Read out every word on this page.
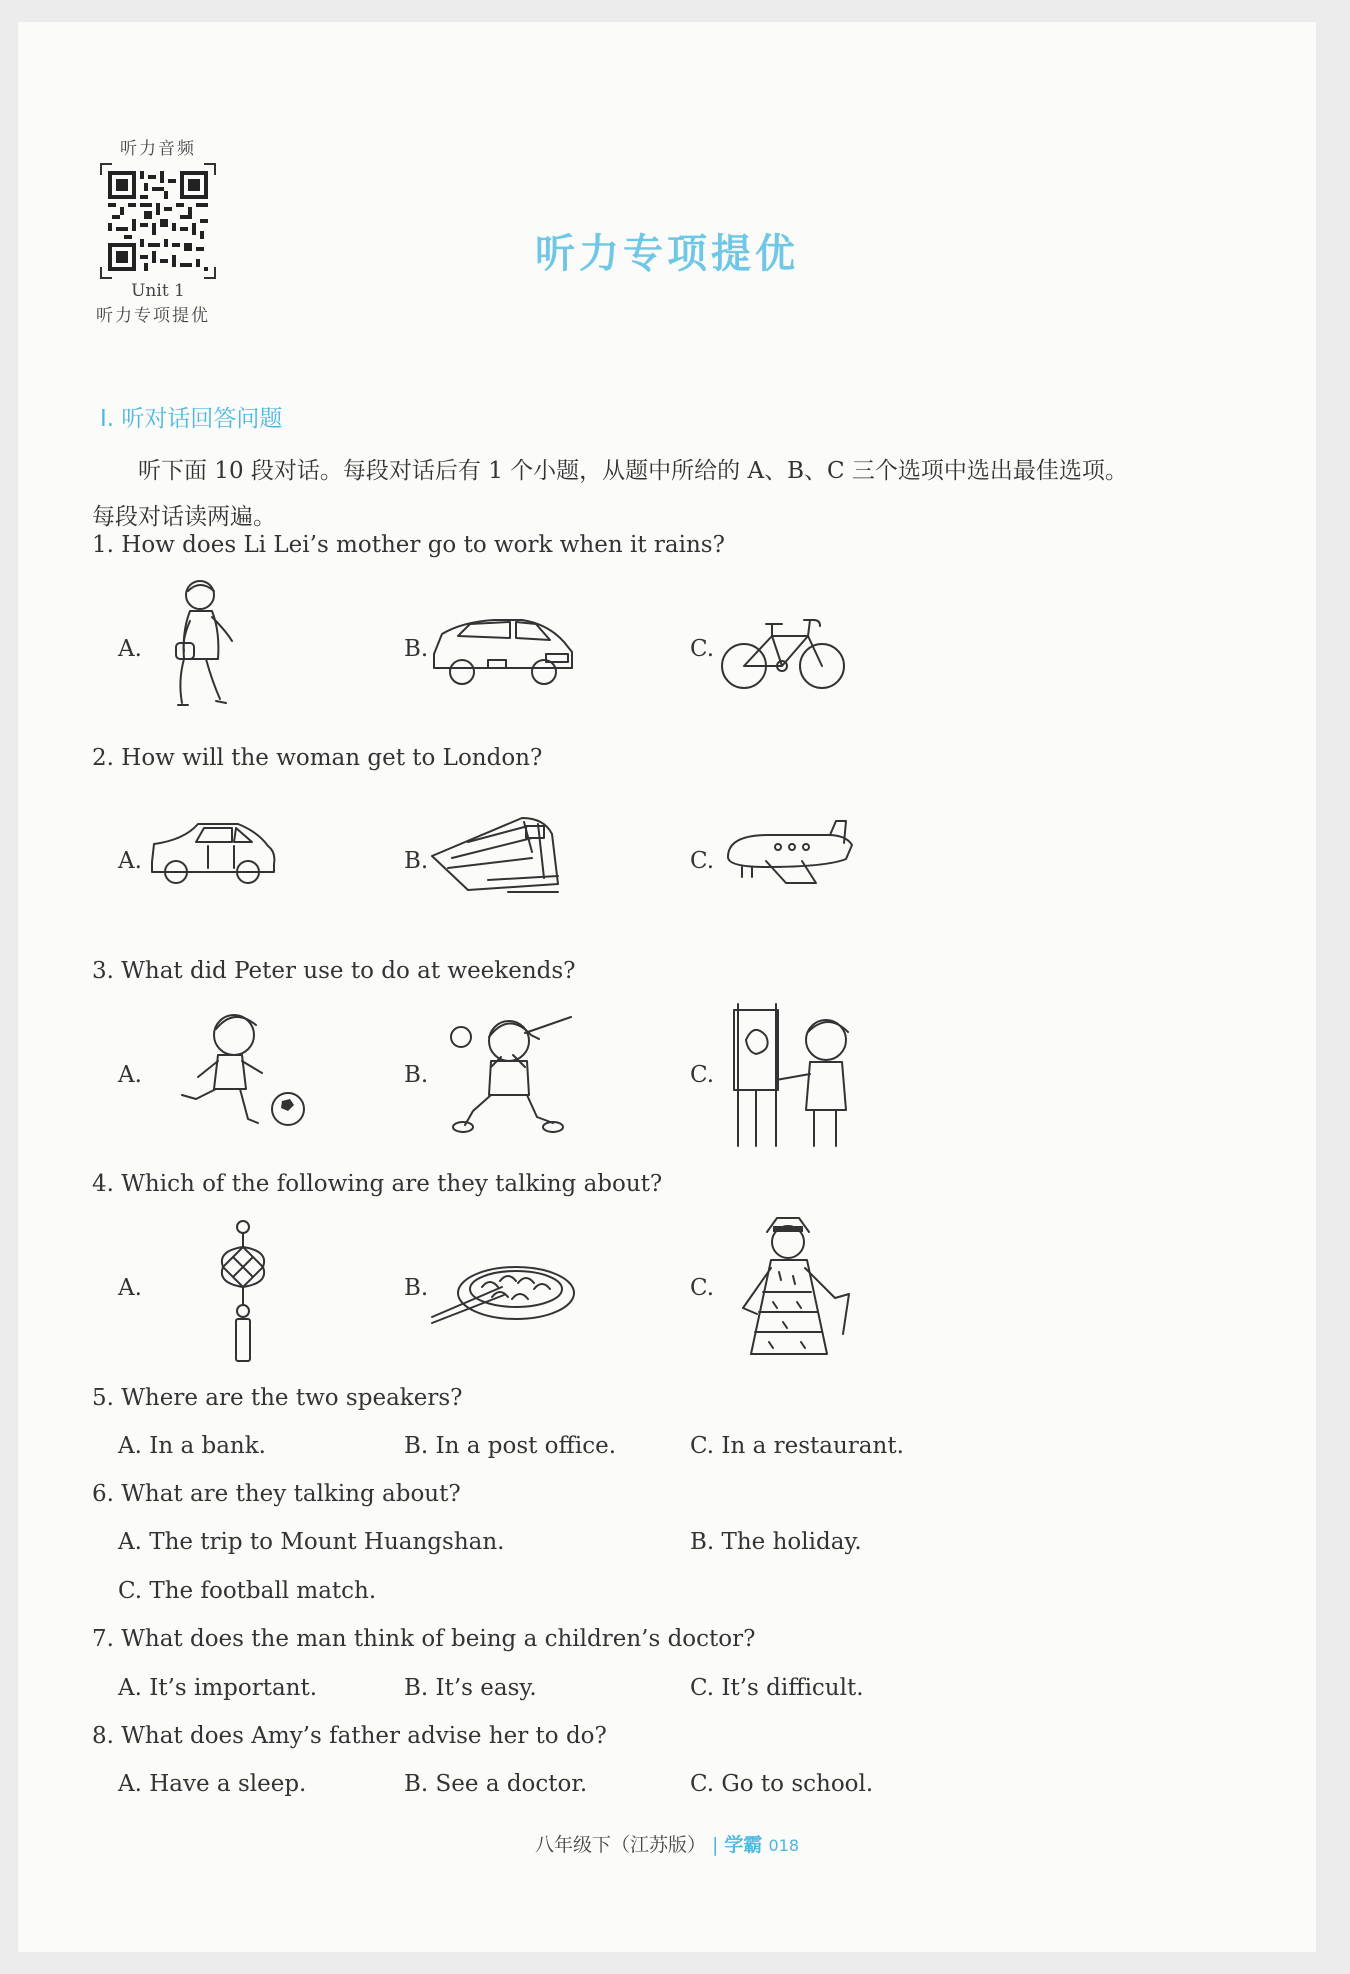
听力音频
Unit 1
听力专项提优
听力专项提优
Ⅰ. 听对话回答问题
听下面 10 段对话。每段对话后有 1 个小题，从题中所给的 A、B、C 三个选项中选出最佳选项。
每段对话读两遍。
1. How does Li Lei’s mother go to work when it rains?
A.	B.	C.
2. How will the woman get to London?
A.	B.	C.
3. What did Peter use to do at weekends?
A.	B.	C.
4. Which of the following are they talking about?
A.	B.	C.
5. Where are the two speakers?
A. In a bank.	B. In a post office.	C. In a restaurant.
6. What are they talking about?
A. The trip to Mount Huangshan.	B. The holiday.
C. The football match.
7. What does the man think of being a children’s doctor?
A. It’s important.	B. It’s easy.	C. It’s difficult.
8. What does Amy’s father advise her to do?
A. Have a sleep.	B. See a doctor.	C. Go to school.
八年级下（江苏版） | 学霸 018
